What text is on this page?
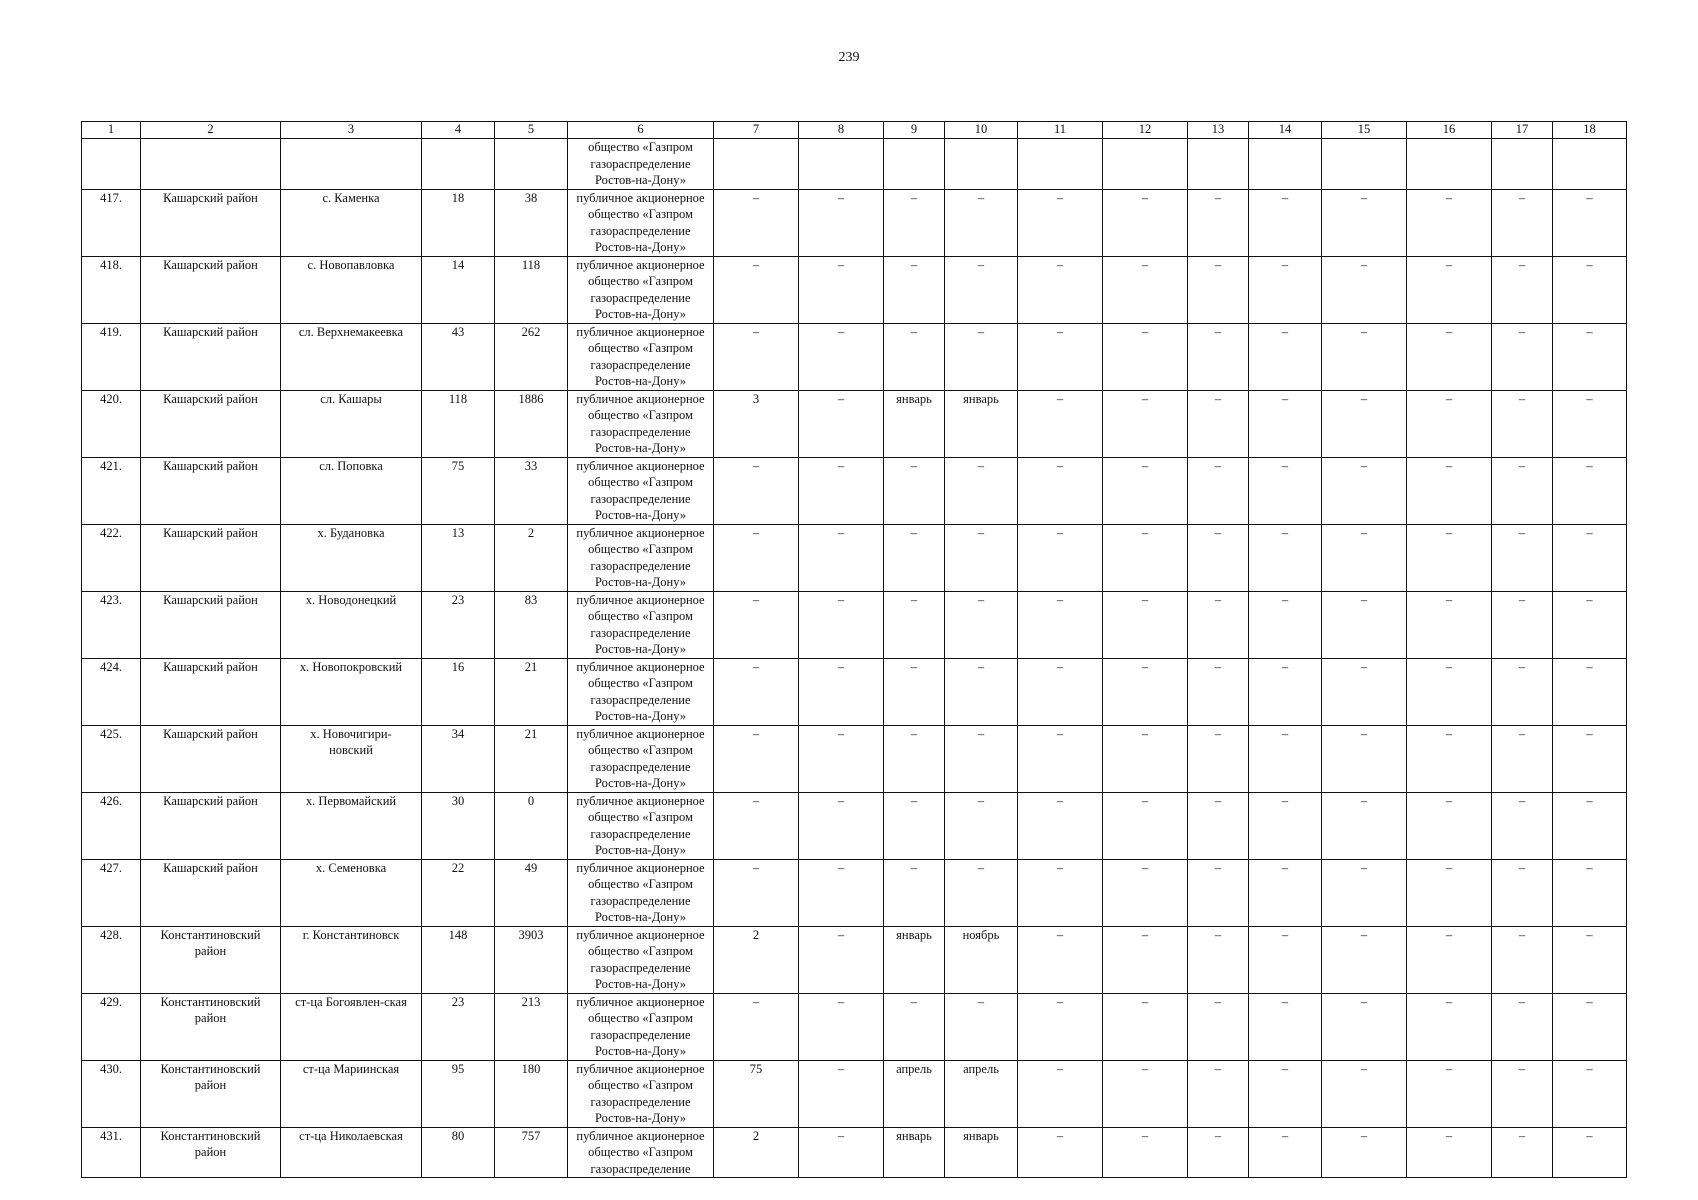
239
1	2	3	4	5	6	7	8	9	10	11	12	13	14	15	16	17	18
					общество «Газпром
газораспределение
Ростов-на-Дону»												
417.	Кашарский район	с. Каменка	18	38	публичное акционерное
общество «Газпром
газораспределение
Ростов-на-Дону»	–	–	–	–	–	–	–	–	–	–	–	–
418.	Кашарский район	с. Новопавловка	14	118	публичное акционерное
общество «Газпром
газораспределение
Ростов-на-Дону»	–	–	–	–	–	–	–	–	–	–	–	–
419.	Кашарский район	сл. Верхнемакеевка	43	262	публичное акционерное
общество «Газпром
газораспределение
Ростов-на-Дону»	–	–	–	–	–	–	–	–	–	–	–	–
420.	Кашарский район	сл. Кашары	118	1886	публичное акционерное
общество «Газпром
газораспределение
Ростов-на-Дону»	3	–	январь	январь	–	–	–	–	–	–	–	–
421.	Кашарский район	сл. Поповка	75	33	публичное акционерное
общество «Газпром
газораспределение
Ростов-на-Дону»	–	–	–	–	–	–	–	–	–	–	–	–
422.	Кашарский район	х. Будановка	13	2	публичное акционерное
общество «Газпром
газораспределение
Ростов-на-Дону»	–	–	–	–	–	–	–	–	–	–	–	–
423.	Кашарский район	х. Новодонецкий	23	83	публичное акционерное
общество «Газпром
газораспределение
Ростов-на-Дону»	–	–	–	–	–	–	–	–	–	–	–	–
424.	Кашарский район	х. Новопокровский	16	21	публичное акционерное
общество «Газпром
газораспределение
Ростов-на-Дону»	–	–	–	–	–	–	–	–	–	–	–	–
425.	Кашарский район	х. Новочигири-
новский	34	21	публичное акционерное
общество «Газпром
газораспределение
Ростов-на-Дону»	–	–	–	–	–	–	–	–	–	–	–	–
426.	Кашарский район	х. Первомайский	30	0	публичное акционерное
общество «Газпром
газораспределение
Ростов-на-Дону»	–	–	–	–	–	–	–	–	–	–	–	–
427.	Кашарский район	х. Семеновка	22	49	публичное акционерное
общество «Газпром
газораспределение
Ростов-на-Дону»	–	–	–	–	–	–	–	–	–	–	–	–
428.	Константиновский
район	г. Константиновск	148	3903	публичное акционерное
общество «Газпром
газораспределение
Ростов-на-Дону»	2	–	январь	ноябрь	–	–	–	–	–	–	–	–
429.	Константиновский
район	ст-ца Богоявлен-ская	23	213	публичное акционерное
общество «Газпром
газораспределение
Ростов-на-Дону»	–	–	–	–	–	–	–	–	–	–	–	–
430.	Константиновский
район	ст-ца Мариинская	95	180	публичное акционерное
общество «Газпром
газораспределение
Ростов-на-Дону»	75	–	апрель	апрель	–	–	–	–	–	–	–	–
431.	Константиновский
район	ст-ца Николаевская	80	757	публичное акционерное
общество «Газпром
газораспределение	2	–	январь	январь	–	–	–	–	–	–	–	–
